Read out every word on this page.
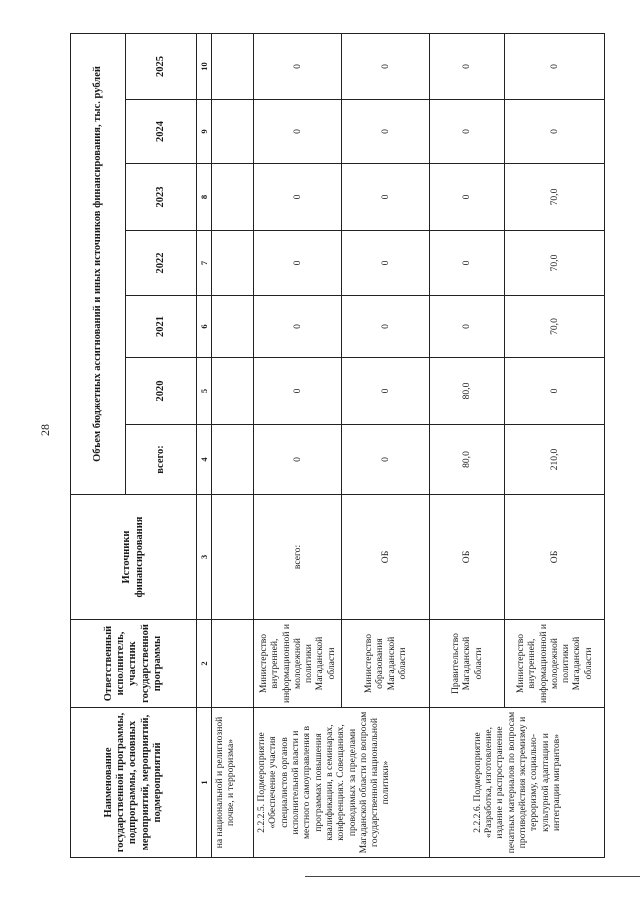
28
Наименование государственной программы, подпрограммы, основных мероприятий, мероприятий, подмероприятий	Ответственный исполнитель, участник государственной программы	Источники финансирования	Объем бюджетных ассигнований и иных источников финансирования, тыс. рублей						
			всего:	2020	2021	2022	2023	2024	2025
1	2	3	4	5	6	7	8	9	10
на национальной и религиозной почве, и терроризма»									
2.2.2.5. Подмероприятие «Обеспечение участия специалистов органов исполнительной власти и местного самоуправления в программах повышения квалификации, в семинарах, конференциях. Совещаниях, проводимых за пределами Магаданской области по вопросам государственной национальной политики»	Министерство внутренней, информационной и молодежной политики Магаданской области	всего:	0	0	0	0	0	0	0
	Министерство образования Магаданской области	ОБ	0	0	0	0	0	0	0
2.2.2.6. Подмероприятие «Разработка, изготовление, издание и распространение печатных материалов по вопросам противодействия экстремизму и терроризму, социально-культурной адаптации и интеграции мигрантов»	Правительство Магаданской области	ОБ	80,0	80,0	0	0	0	0	0
	Министерство внутренней, информационной и молодежной политики Магаданской области	ОБ	210,0	0	70,0	70,0	70,0	0	0
